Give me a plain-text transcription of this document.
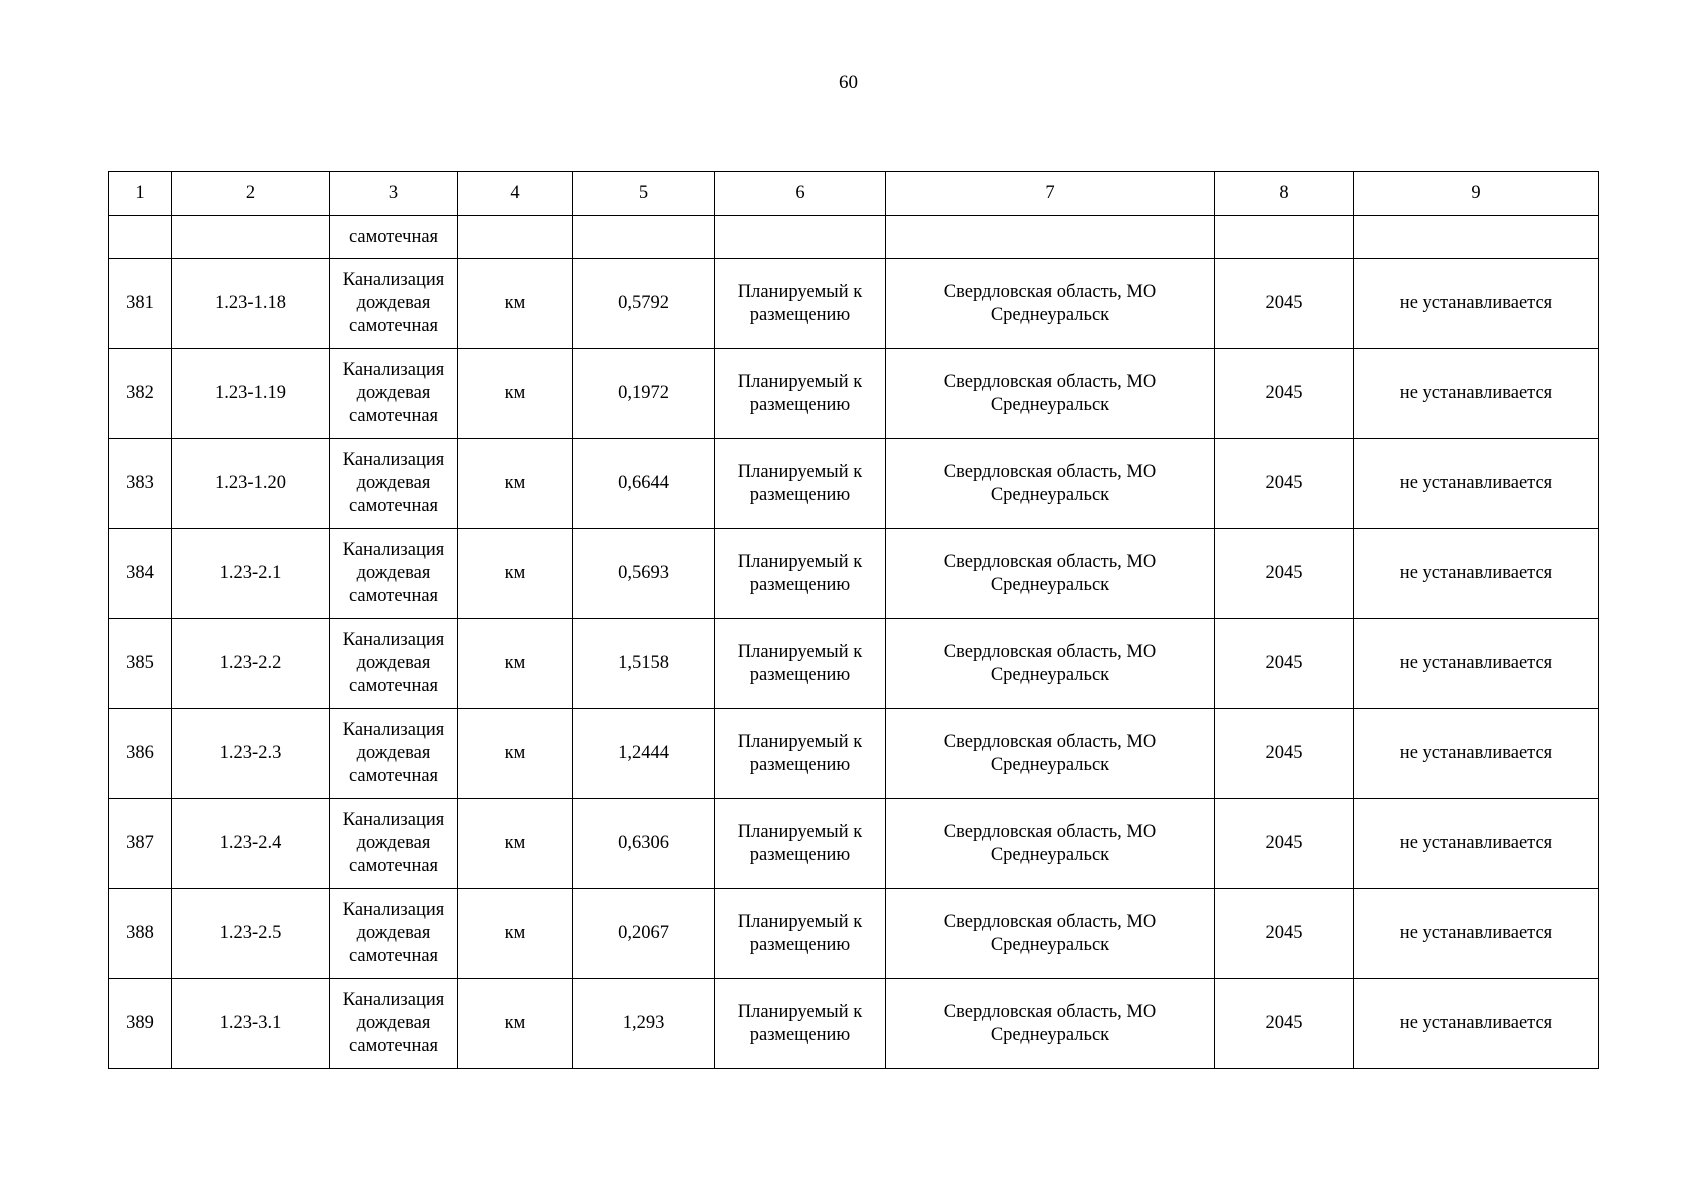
60
1	2	3	4	5	6	7	8	9
		самотечная						
381	1.23-1.18	Канализация дождевая самотечная	км	0,5792	Планируемый к размещению	Свердловская область, МО Среднеуральск	2045	не устанавливается
382	1.23-1.19	Канализация дождевая самотечная	км	0,1972	Планируемый к размещению	Свердловская область, МО Среднеуральск	2045	не устанавливается
383	1.23-1.20	Канализация дождевая самотечная	км	0,6644	Планируемый к размещению	Свердловская область, МО Среднеуральск	2045	не устанавливается
384	1.23-2.1	Канализация дождевая самотечная	км	0,5693	Планируемый к размещению	Свердловская область, МО Среднеуральск	2045	не устанавливается
385	1.23-2.2	Канализация дождевая самотечная	км	1,5158	Планируемый к размещению	Свердловская область, МО Среднеуральск	2045	не устанавливается
386	1.23-2.3	Канализация дождевая самотечная	км	1,2444	Планируемый к размещению	Свердловская область, МО Среднеуральск	2045	не устанавливается
387	1.23-2.4	Канализация дождевая самотечная	км	0,6306	Планируемый к размещению	Свердловская область, МО Среднеуральск	2045	не устанавливается
388	1.23-2.5	Канализация дождевая самотечная	км	0,2067	Планируемый к размещению	Свердловская область, МО Среднеуральск	2045	не устанавливается
389	1.23-3.1	Канализация дождевая самотечная	км	1,293	Планируемый к размещению	Свердловская область, МО Среднеуральск	2045	не устанавливается
